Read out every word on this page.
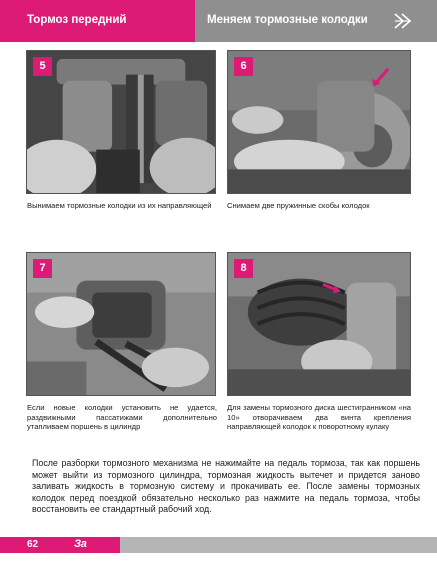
Тормоз передний	Меняем тормозные колодки
5	6
Вынимаем тормозные колодки из их направляющей	Снимаем две пружинные скобы колодок
7	8
Если новые колодки установить не удается, раздвижными пассатижами дополнительно утапливаем поршень в цилиндр
Для замены тормозного диска шестигранником «на 10» отворачиваем два винта крепления направляющей колодок к поворотному кулаку

После разборки тормозного механизма не нажимайте на педаль тормоза, так как поршень может выйти из тормозного цилиндра, тормозная жидкость вытечет и придется заново заливать жидкость в тормозную систему и прокачивать ее. После замены тормозных колодок перед поездкой обязательно несколько раз нажмите на педаль тормоза, чтобы восстановить ее стандартный рабочий ход.

62	За рулем
